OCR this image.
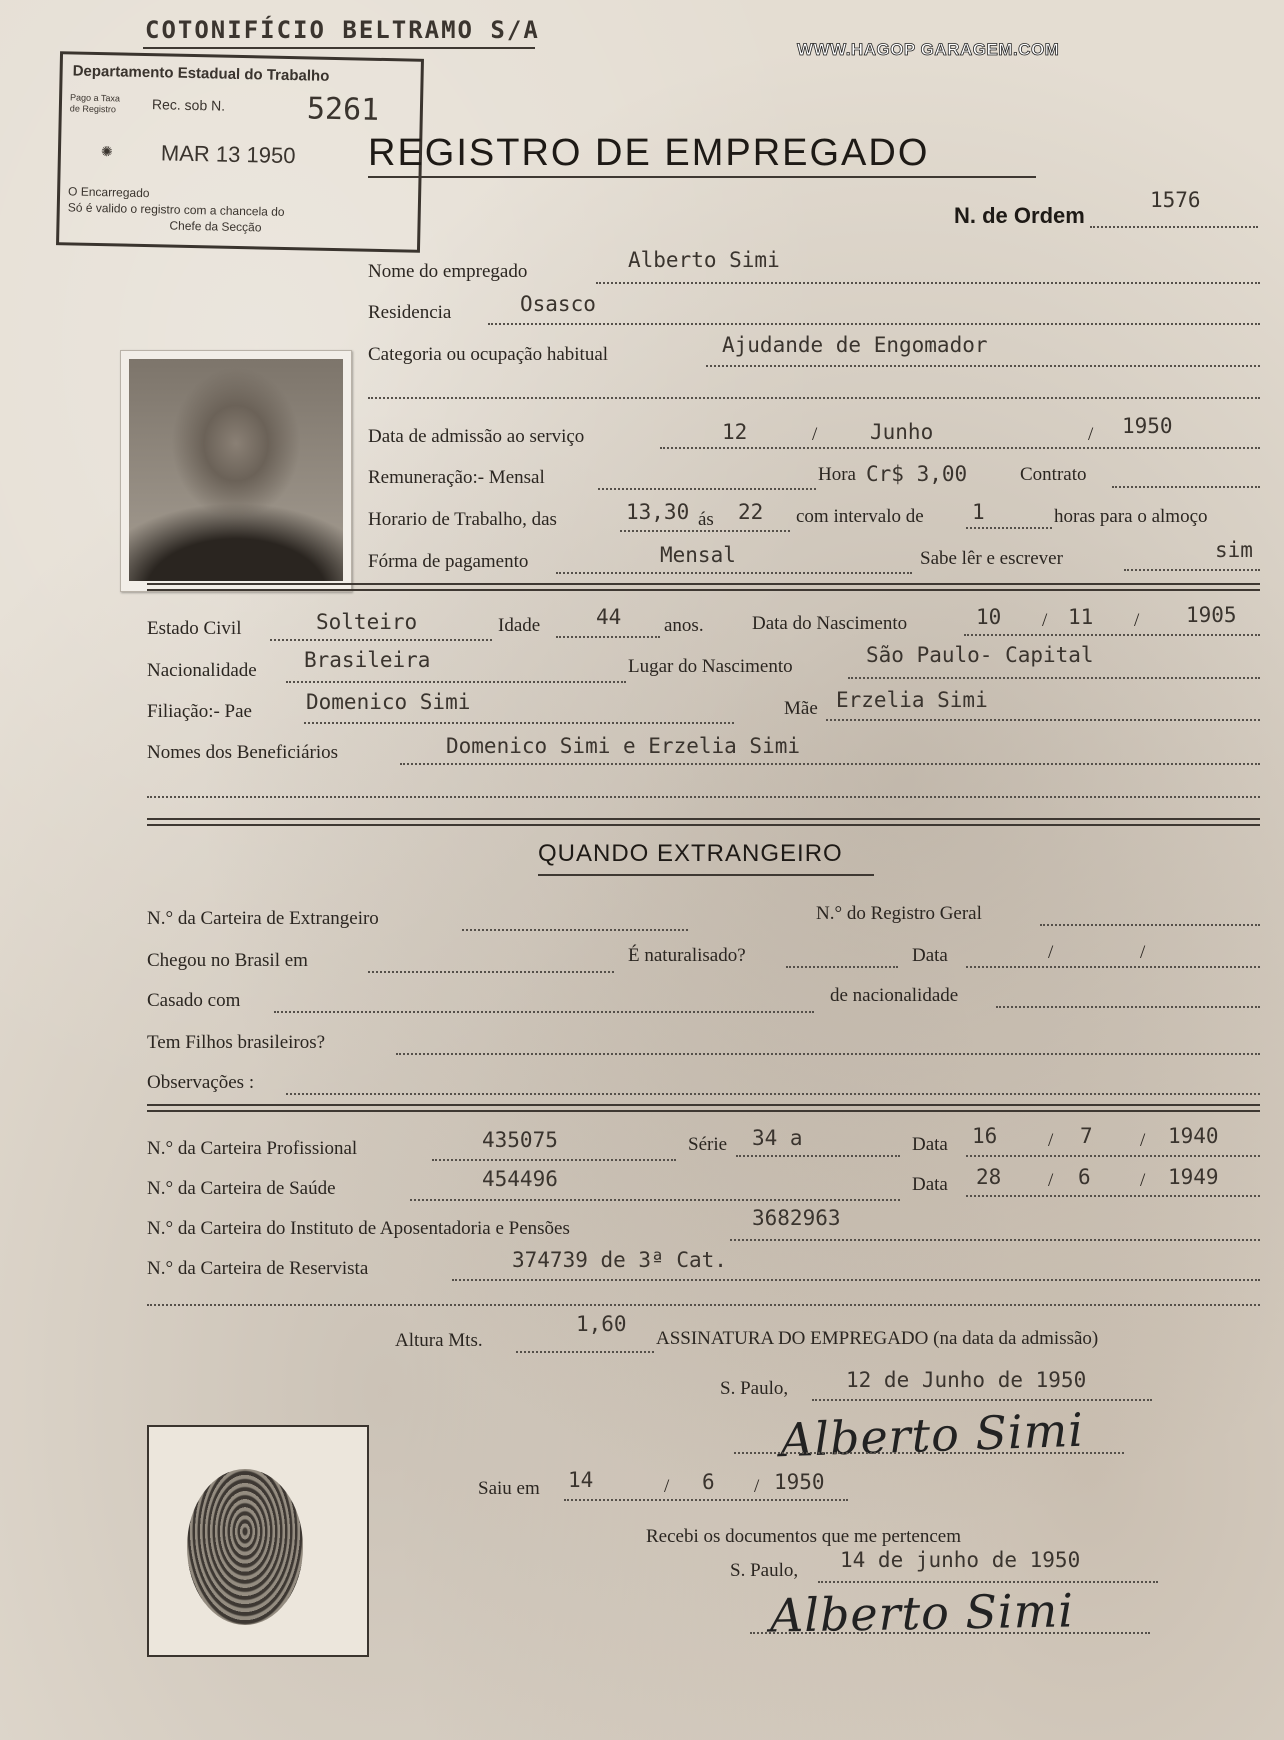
COTONIFÍCIO BELTRAMO S/A
WWW.HAGOP GARAGEM.COM
Departamento Estadual do Trabalho
Pago a Taxa
de Registro	Rec. sob N.	5261
✺ MAR 13 1950
O Encarregado
Só é valido o registro com a chancela do
Chefe da Secção
REGISTRO DE EMPREGADO
N. de Ordem
1576
Nome do empregado	Alberto Simi
Residencia	Osasco
Categoria ou ocupação habitual	Ajudande de Engomador
Data de admissão ao serviço	12	/	Junho	/ 1950
Remuneração:- Mensal	Hora Cr$ 3,00	Contrato
Horario de Trabalho, das	13,30 ás 22 com intervalo de 1	horas para o almoço
Fórma de pagamento	Mensal	Sabe lêr e escrever	sim
Estado Civil	Solteiro	Idade	44 anos.	Data do Nascimento	10 / 11 / 1905
Nacionalidade Brasileira	Lugar do Nascimento	São Paulo- Capital
Filiação:- Pae	Domenico Simi	Mãe Erzelia Simi
Nomes dos Beneficiários	Domenico Simi e Erzelia Simi
QUANDO EXTRANGEIRO
N.° da Carteira de Extrangeiro	N.° do Registro Geral
Chegou no Brasil em	É naturalisado?	Data	/	/
Casado com	de nacionalidade
Tem Filhos brasileiros?
Observações :
N.° da Carteira Profissional	435075	Série 34 a	Data 16	/ 7 / 1940
N.° da Carteira de Saúde	454496	Data 28 / 6	/ 1949
N.° da Carteira do Instituto de Aposentadoria e Pensões	3682963
N.° da Carteira de Reservista	374739 de 3ª Cat.
Altura Mts.
1,60
ASSINATURA DO EMPREGADO (na data da admissão)
S. Paulo,	12 de Junho de 1950
Alberto Simi
Saiu em 14	/ 6 / 1950
Recebi os documentos que me pertencem
S. Paulo, 14 de junho de 1950
Alberto Simi
